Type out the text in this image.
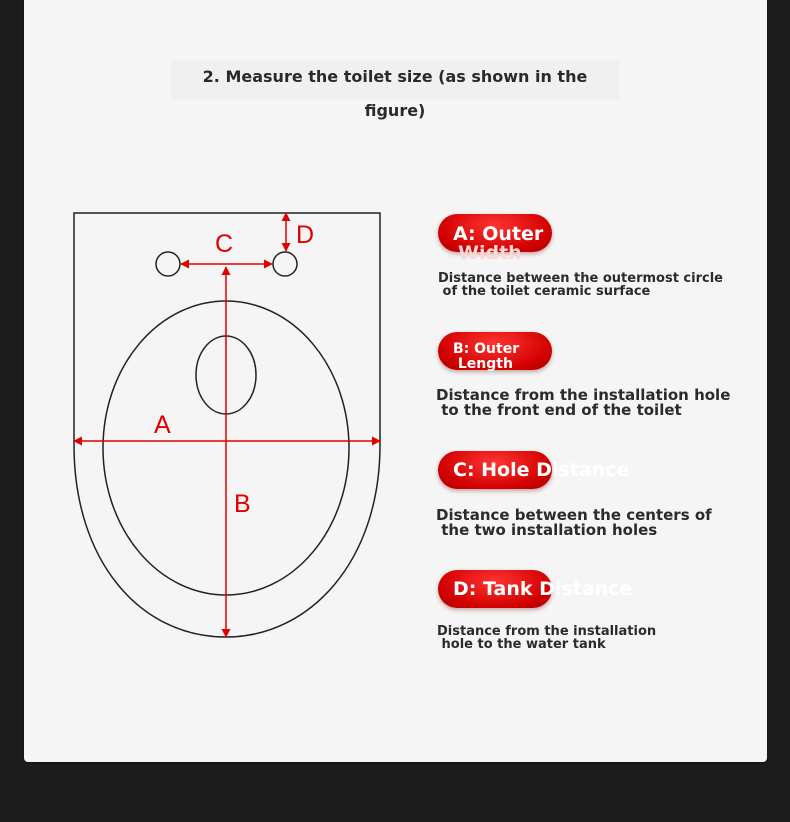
2. Measure the toilet size (as shown in the figure)
A
B
C	D	A: Outer
Width
Distance between the outermost circle
of the toilet ceramic surface
B: Outer
Length
Distance from the installation hole
to the front end of the toilet
C: Hole Distance
Distance between the centers of
the two installation holes
D: Tank Distance
Distance from the installation
hole to the water tank
